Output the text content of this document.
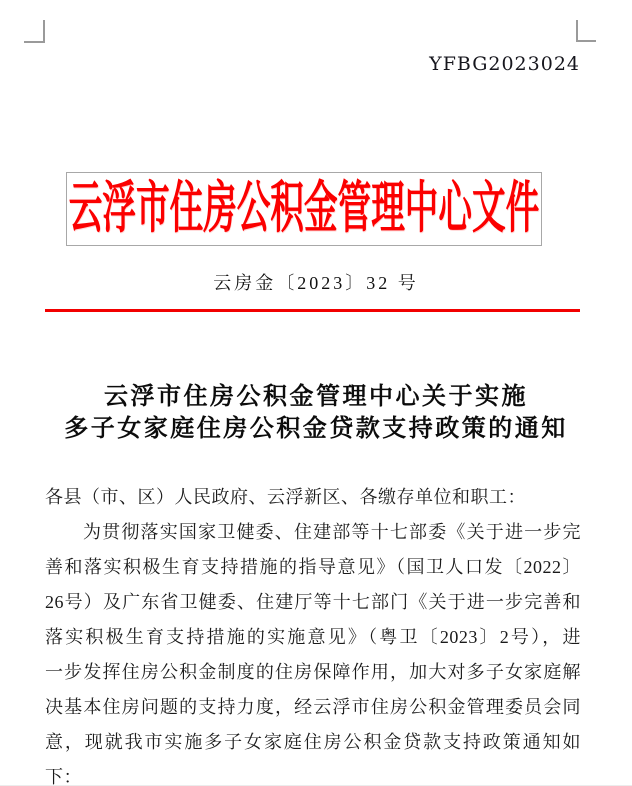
YFBG2023024
云浮市住房公积金管理中心文件
云房金〔2023〕32 号
云浮市住房公积金管理中心关于实施
多子女家庭住房公积金贷款支持政策的通知
各县（市、区）人民政府、云浮新区、各缴存单位和职工：
为贯彻落实国家卫健委、住建部等十七部委《关于进一步完
善和落实积极生育支持措施的指导意见》（国卫人口发〔2022〕
26号）及广东省卫健委、住建厅等十七部门《关于进一步完善和
落实积极生育支持措施的实施意见》（粤卫〔2023〕2号），进
一步发挥住房公积金制度的住房保障作用，加大对多子女家庭解
决基本住房问题的支持力度，经云浮市住房公积金管理委员会同
意，现就我市实施多子女家庭住房公积金贷款支持政策通知如
下：
